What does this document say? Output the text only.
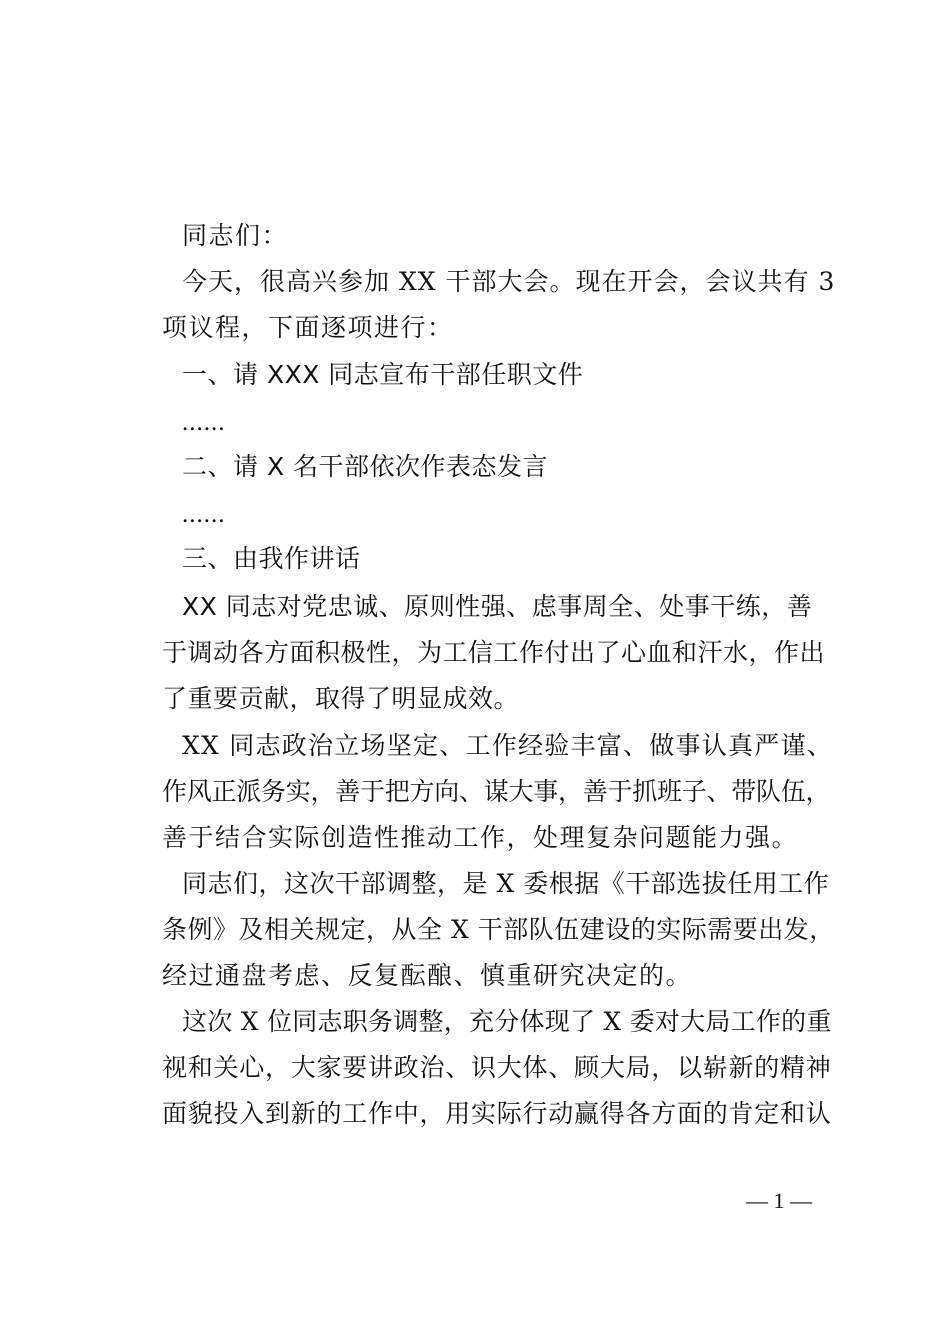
同志们：
今天，很高兴参加 XX 干部大会。现在开会，会议共有 3
项议程，下面逐项进行：
一、请 XXX 同志宣布干部任职文件
......
二、请 X 名干部依次作表态发言
......
三、由我作讲话
XX 同志对党忠诚、原则性强、虑事周全、处事干练，善
于调动各方面积极性，为工信工作付出了心血和汗水，作出
了重要贡献，取得了明显成效。
XX 同志政治立场坚定、工作经验丰富、做事认真严谨、
作风正派务实，善于把方向、谋大事，善于抓班子、带队伍，
善于结合实际创造性推动工作，处理复杂问题能力强。
同志们，这次干部调整，是 X 委根据《干部选拔任用工作
条例》及相关规定，从全 X 干部队伍建设的实际需要出发，
经过通盘考虑、反复酝酿、慎重研究决定的。
这次 X 位同志职务调整，充分体现了 X 委对大局工作的重
视和关心，大家要讲政治、识大体、顾大局，以崭新的精神
面貌投入到新的工作中，用实际行动赢得各方面的肯定和认
— 1 —
